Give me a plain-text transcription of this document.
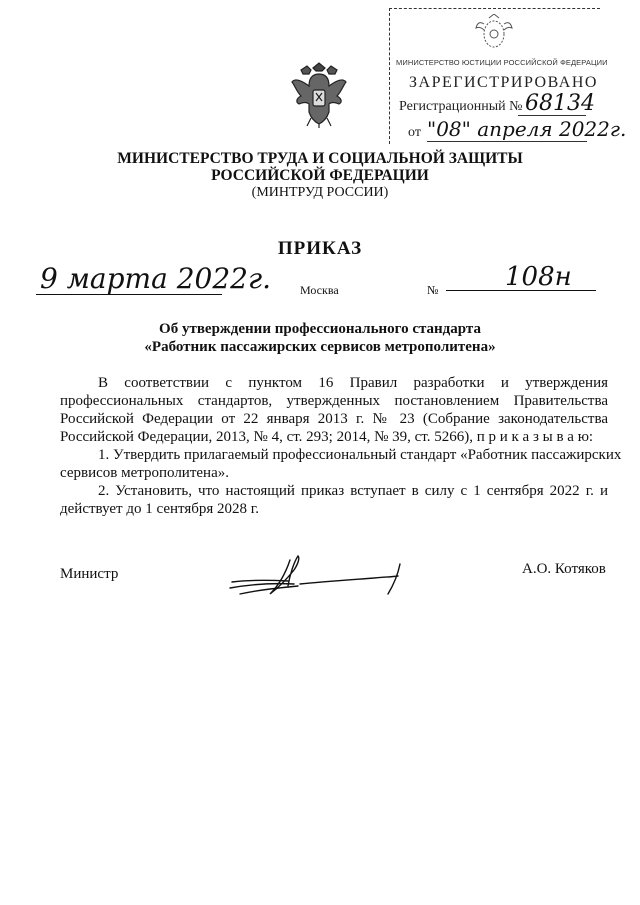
МИНИСТЕРСТВО ЮСТИЦИИ РОССИЙСКОЙ ФЕДЕРАЦИИ
ЗАРЕГИСТРИРОВАНО
Регистрационный № 68134
от "08" апреля 2022г.
МИНИСТЕРСТВО ТРУДА И СОЦИАЛЬНОЙ ЗАЩИТЫ
РОССИЙСКОЙ ФЕДЕРАЦИИ
(МИНТРУД РОССИИ)
ПРИКАЗ
9 марта 2022г. Москва	№	108н
Об утверждении профессионального стандарта
«Работник пассажирских сервисов метрополитена»
В соответствии с пунктом 16 Правил разработки и утверждения
профессиональных стандартов, утвержденных постановлением Правительства
Российской Федерации от 22 января 2013 г. № 23 (Собрание законодательства
Российской Федерации, 2013, № 4, ст. 293; 2014, № 39, ст. 5266), п р и к а з ы в а ю:
1. Утвердить прилагаемый профессиональный стандарт «Работник пассажирских
сервисов метрополитена».
2. Установить, что настоящий приказ вступает в силу с 1 сентября 2022 г. и
действует до 1 сентября 2028 г.
Министр	А.О. Котяков
